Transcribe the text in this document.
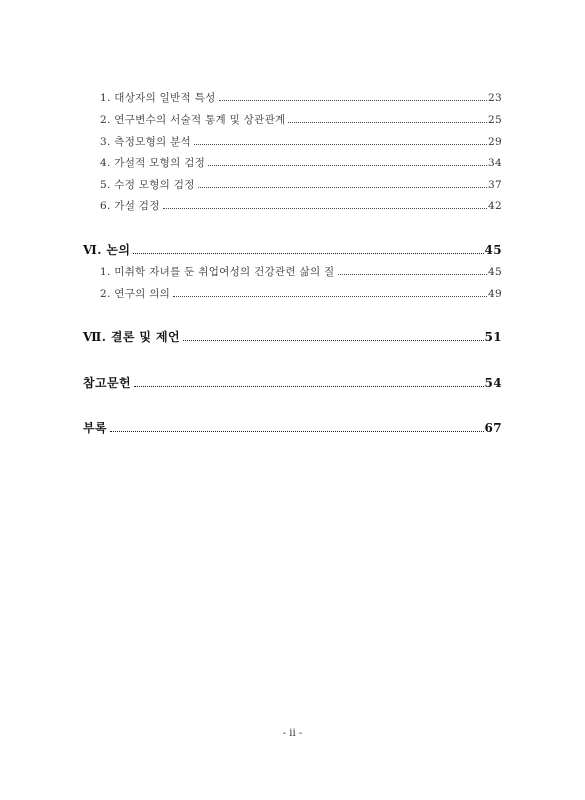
1. 대상자의 일반적 특성	23
2. 연구변수의 서술적 통계 및 상관관계	25
3. 측정모형의 분석	29
4. 가설적 모형의 검정	34
5. 수정 모형의 검정	37
6. 가설 검정	42
Ⅵ. 논의	45
1. 미취학 자녀를 둔 취업여성의 건강관련 삶의 질	45
2. 연구의 의의	49
Ⅶ. 결론 및 제언	51
참고문헌	54
부록	67
- ii -
